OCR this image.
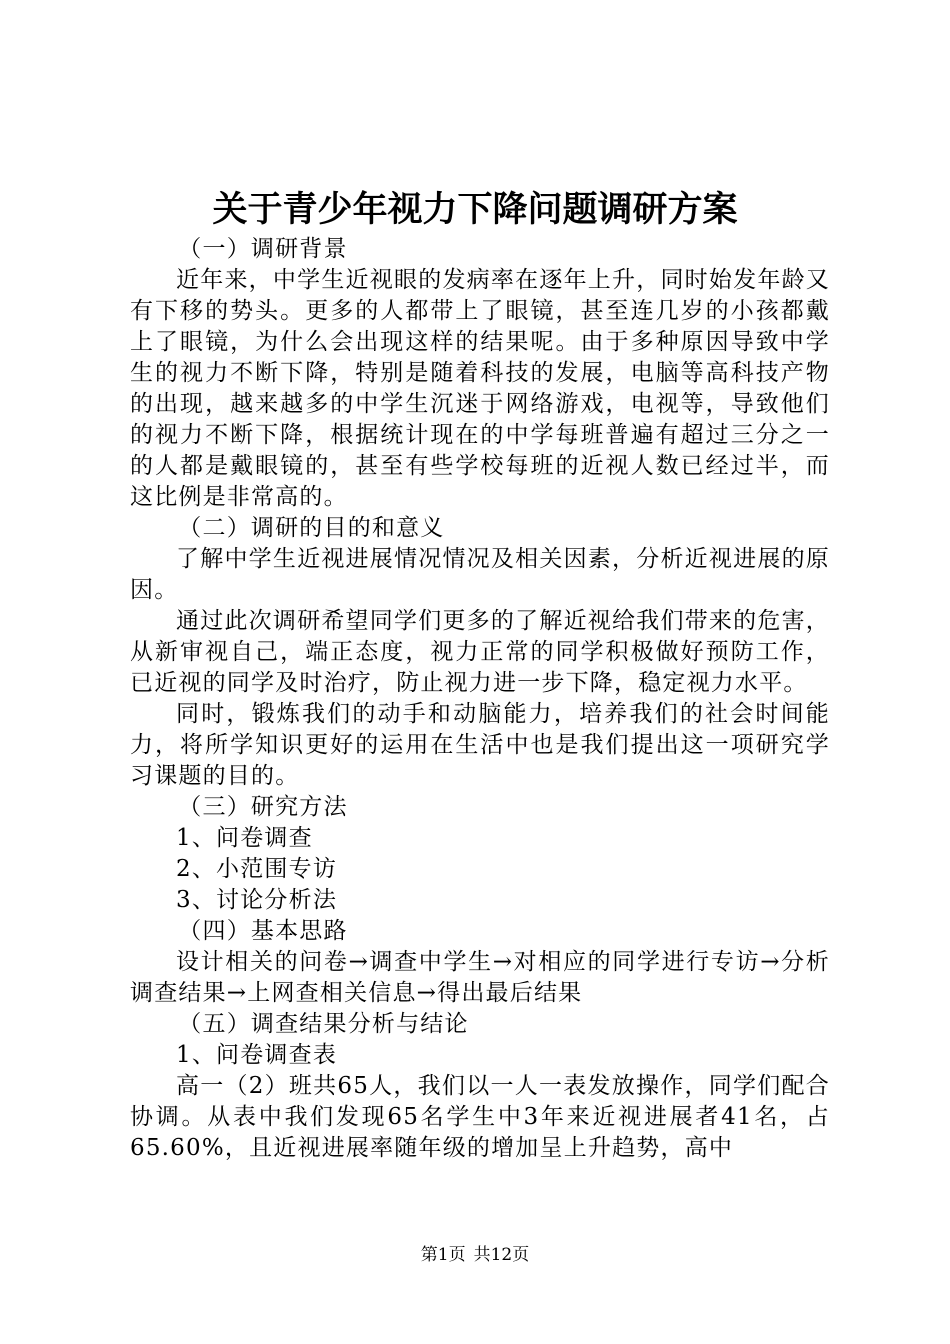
关于青少年视力下降问题调研方案

（一）调研背景

近年来，中学生近视眼的发病率在逐年上升，同时始发年龄又有下移的势头。更多的人都带上了眼镜，甚至连几岁的小孩都戴上了眼镜，为什么会出现这样的结果呢。由于多种原因导致中学生的视力不断下降，特别是随着科技的发展，电脑等高科技产物的出现，越来越多的中学生沉迷于网络游戏，电视等，导致他们的视力不断下降，根据统计现在的中学每班普遍有超过三分之一的人都是戴眼镜的，甚至有些学校每班的近视人数已经过半，而这比例是非常高的。

（二）调研的目的和意义

了解中学生近视进展情况情况及相关因素，分析近视进展的原因。

通过此次调研希望同学们更多的了解近视给我们带来的危害，从新审视自己，端正态度，视力正常的同学积极做好预防工作，已近视的同学及时治疗，防止视力进一步下降，稳定视力水平。

同时，锻炼我们的动手和动脑能力，培养我们的社会时间能力，将所学知识更好的运用在生活中也是我们提出这一项研究学习课题的目的。

（三）研究方法

1、问卷调查

2、小范围专访

3、讨论分析法

（四）基本思路

设计相关的问卷→调查中学生→对相应的同学进行专访→分析调查结果→上网查相关信息→得出最后结果

（五）调查结果分析与结论

1、问卷调查表

高一（2）班共65人，我们以一人一表发放操作，同学们配合协调。从表中我们发现65名学生中3年来近视进展者41名，占65.60%，且近视进展率随年级的增加呈上升趋势，高中

第1页 共12页
